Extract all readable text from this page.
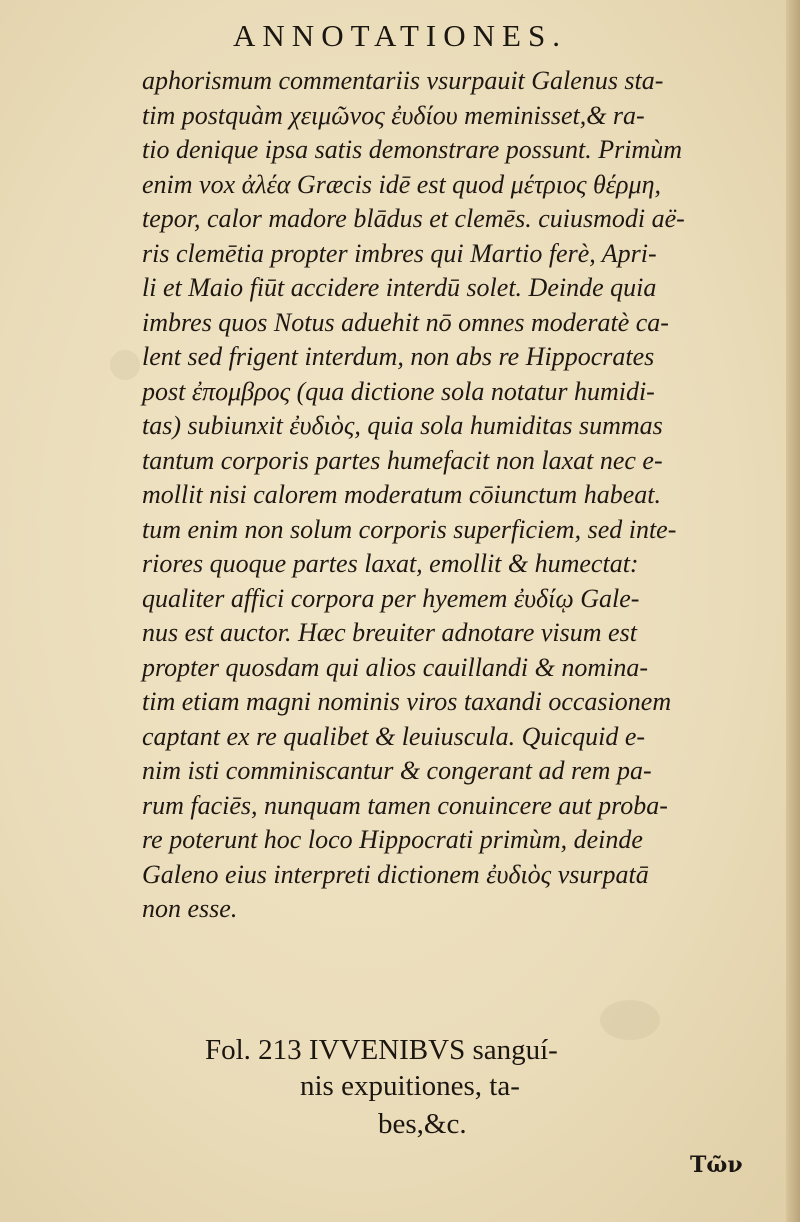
ANNOTATIONES.
aphorismum commentariis vsurpauit Galenus sta-
tim postquàm χειμῶνος ἐυδίου meminisset,& ra-
tio denique ipsa satis demonstrare possunt. Primùm
enim vox ἀλέα Græcis idē est quod μέτριος θέρμη,
tepor, calor madore blādus et clemēs. cuiusmodi aë-
ris clemētia propter imbres qui Martio ferè, Apri-
li et Maio fiūt accidere interdū solet. Deinde quia
imbres quos Notus aduehit nō omnes moderatè ca-
lent sed frigent interdum, non abs re Hippocrates
post ἐπομβρος (qua dictione sola notatur humidi-
tas) subiunxit ἐυδιὸς, quia sola humiditas summas
tantum corporis partes humefacit non laxat nec e-
mollit nisi calorem moderatum cōiunctum habeat.
tum enim non solum corporis superficiem, sed inte-
riores quoque partes laxat, emollit & humectat:
qualiter affici corpora per hyemem ἐυδίῳ Gale-
nus est auctor. Hæc breuiter adnotare visum est
propter quosdam qui alios cauillandi & nomina-
tim etiam magni nominis viros taxandi occasionem
captant ex re qualibet & leuiuscula. Quicquid e-
nim isti comminiscantur & congerant ad rem pa-
rum faciēs, nunquam tamen conuincere aut proba-
re poterunt hoc loco Hippocrati primùm, deinde
Galeno eius interpreti dictionem ἐυδιὸς vsurpatā
non esse.
Fol. 213 IVVENIBVS sanguí-
nis expuitiones, ta-
bes,&c.
Τῶν
